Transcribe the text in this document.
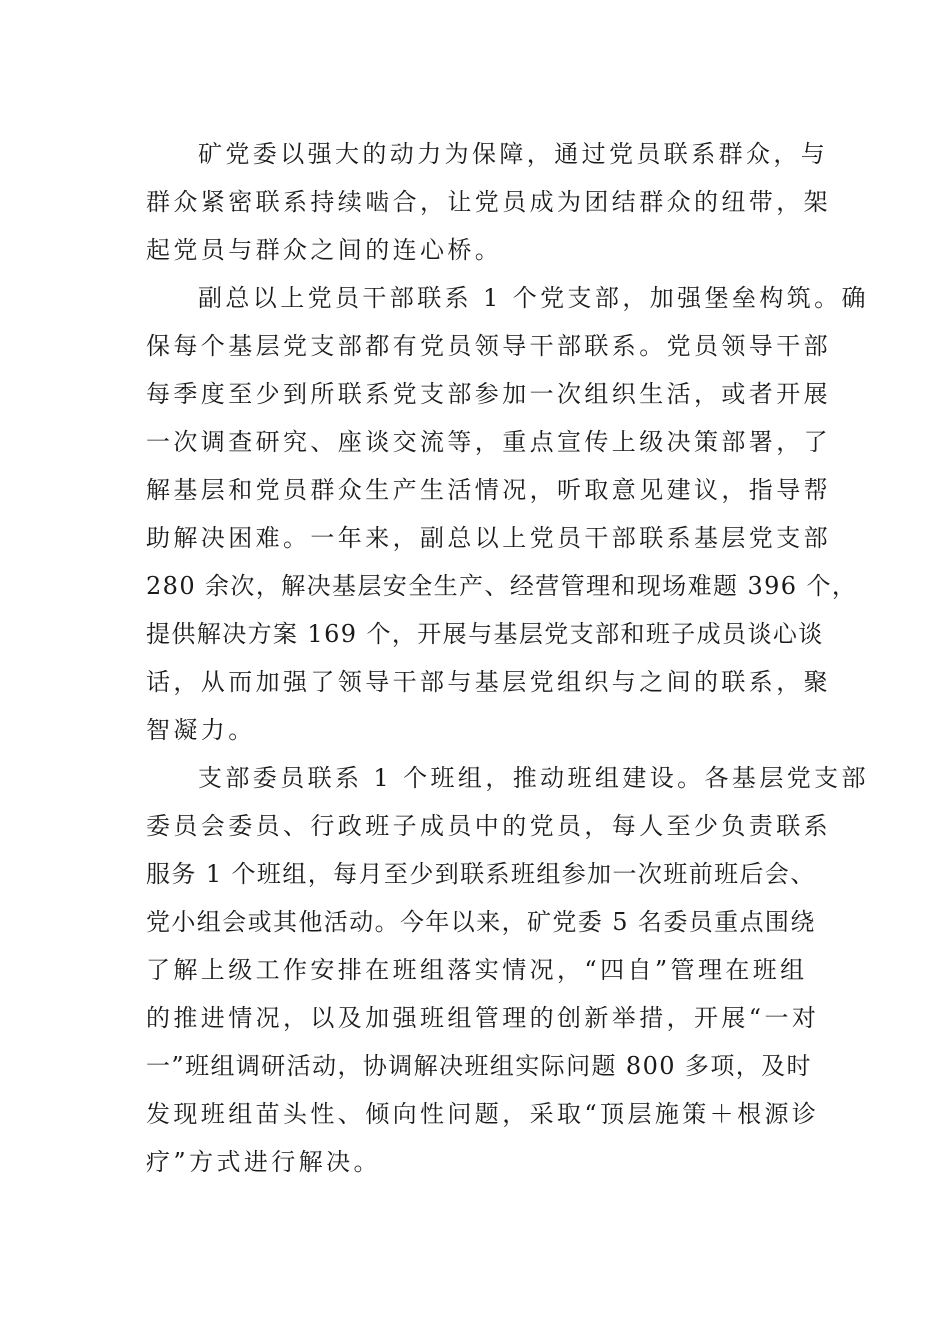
矿党委以强大的动力为保障，通过党员联系群众，与
群众紧密联系持续啮合，让党员成为团结群众的纽带，架
起党员与群众之间的连心桥。
副总以上党员干部联系 1 个党支部，加强堡垒构筑。确
保每个基层党支部都有党员领导干部联系。党员领导干部
每季度至少到所联系党支部参加一次组织生活，或者开展
一次调查研究、座谈交流等，重点宣传上级决策部署，了
解基层和党员群众生产生活情况，听取意见建议，指导帮
助解决困难。一年来，副总以上党员干部联系基层党支部
280 余次，解决基层安全生产、经营管理和现场难题 396 个，
提供解决方案 169 个，开展与基层党支部和班子成员谈心谈
话，从而加强了领导干部与基层党组织与之间的联系，聚
智凝力。
支部委员联系 1 个班组，推动班组建设。各基层党支部
委员会委员、行政班子成员中的党员，每人至少负责联系
服务 1 个班组，每月至少到联系班组参加一次班前班后会、
党小组会或其他活动。今年以来，矿党委 5 名委员重点围绕
了解上级工作安排在班组落实情况，“四自”管理在班组
的推进情况，以及加强班组管理的创新举措，开展“一对
一”班组调研活动，协调解决班组实际问题 800 多项，及时
发现班组苗头性、倾向性问题，采取“顶层施策＋根源诊
疗”方式进行解决。
